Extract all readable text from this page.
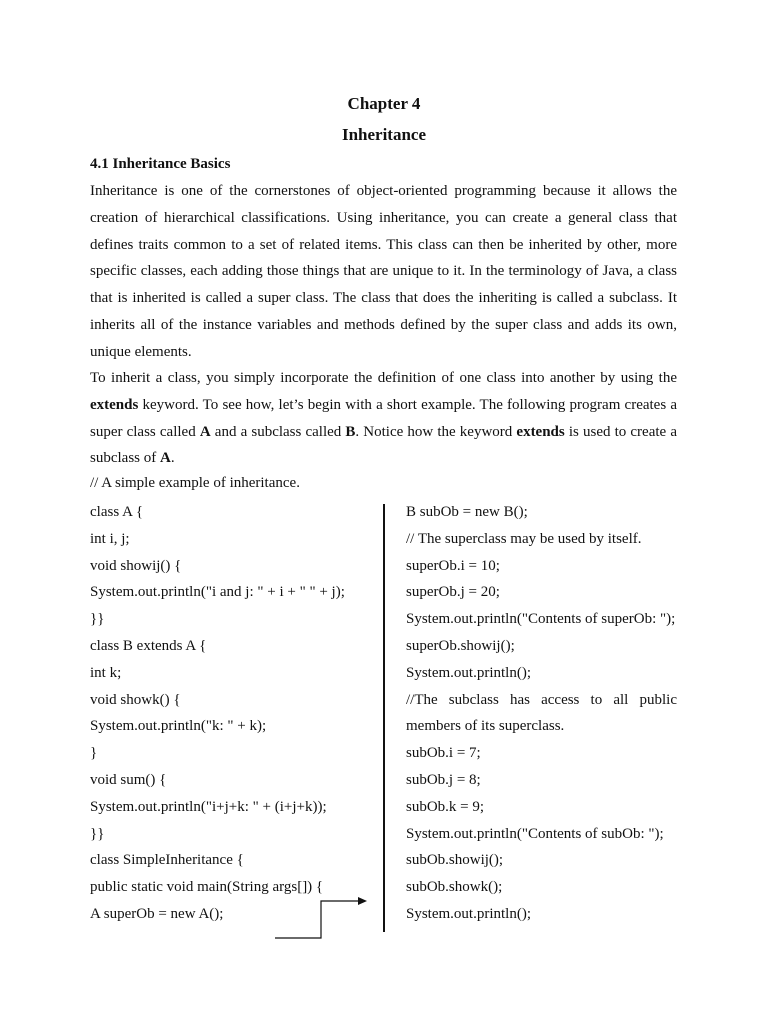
Chapter 4
Inheritance
4.1 Inheritance Basics

Inheritance is one of the cornerstones of object-oriented programming because it allows the creation of hierarchical classifications. Using inheritance, you can create a general class that defines traits common to a set of related items. This class can then be inherited by other, more specific classes, each adding those things that are unique to it. In the terminology of Java, a class that is inherited is called a super class. The class that does the inheriting is called a subclass. It inherits all of the instance variables and methods defined by the super class and adds its own, unique elements.

To inherit a class, you simply incorporate the definition of one class into another by using the extends keyword. To see how, let’s begin with a short example. The following program creates a super class called A and a subclass called B. Notice how the keyword extends is used to create a subclass of A.

// A simple example of inheritance.
class A {
int i, j;
void showij() {
System.out.println("i and j: " + i + " " + j);
}}
class B extends A {
int k;
void showk() {
System.out.println("k: " + k);
}
void sum() {
System.out.println("i+j+k: " + (i+j+k));
}}
class SimpleInheritance {
public static void main(String args[]) {
A superOb = new A();
B subOb = new B();
// The superclass may be used by itself.
superOb.i = 10;
superOb.j = 20;
System.out.println("Contents of superOb: ");
superOb.showij();
System.out.println();
//The subclass has access to all public members of its superclass.
subOb.i = 7;
subOb.j = 8;
subOb.k = 9;
System.out.println("Contents of subOb: ");
subOb.showij();
subOb.showk();
System.out.println();
